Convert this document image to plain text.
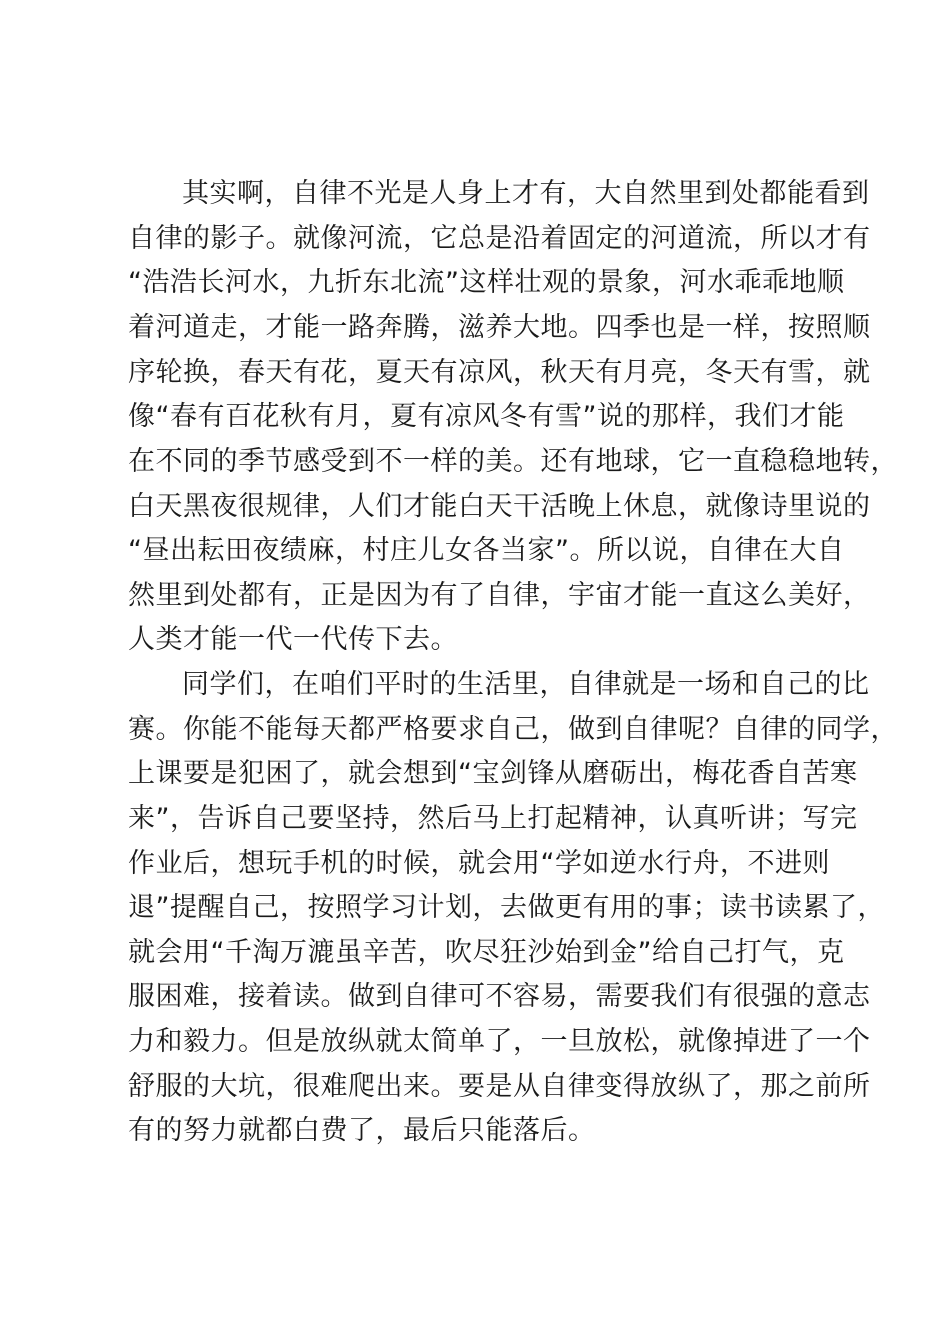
其实啊，自律不光是人身上才有，大自然里到处都能看到
自律的影子。就像河流，它总是沿着固定的河道流，所以才有
“浩浩长河水，九折东北流”这样壮观的景象，河水乖乖地顺
着河道走，才能一路奔腾，滋养大地。四季也是一样，按照顺
序轮换，春天有花，夏天有凉风，秋天有月亮，冬天有雪，就
像“春有百花秋有月，夏有凉风冬有雪”说的那样，我们才能
在不同的季节感受到不一样的美。还有地球，它一直稳稳地转，
白天黑夜很规律，人们才能白天干活晚上休息，就像诗里说的
“昼出耘田夜绩麻，村庄儿女各当家”。所以说，自律在大自
然里到处都有，正是因为有了自律，宇宙才能一直这么美好，
人类才能一代一代传下去。
同学们，在咱们平时的生活里，自律就是一场和自己的比
赛。你能不能每天都严格要求自己，做到自律呢？自律的同学，
上课要是犯困了，就会想到“宝剑锋从磨砺出，梅花香自苦寒
来”，告诉自己要坚持，然后马上打起精神，认真听讲；写完
作业后，想玩手机的时候，就会用“学如逆水行舟，不进则
退”提醒自己，按照学习计划，去做更有用的事；读书读累了，
就会用“千淘万漉虽辛苦，吹尽狂沙始到金”给自己打气，克
服困难，接着读。做到自律可不容易，需要我们有很强的意志
力和毅力。但是放纵就太简单了，一旦放松，就像掉进了一个
舒服的大坑，很难爬出来。要是从自律变得放纵了，那之前所
有的努力就都白费了，最后只能落后。
